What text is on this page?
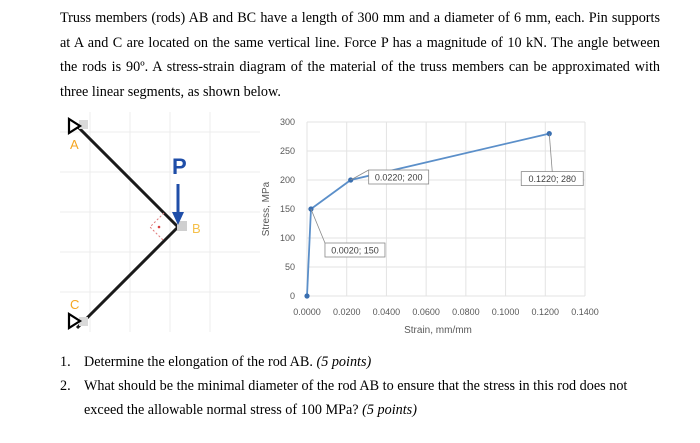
Truss members (rods) AB and BC have a length of 300 mm and a diameter of 6 mm, each. Pin supports at A and C are located on the same vertical line. Force P has a magnitude of 10 kN. The angle between the rods is 90º. A stress-strain diagram of the material of the truss members can be approximated with three linear segments, as shown below.

A
C
B
P
0
50
100
150
200
250
300
0.0000 0.0200 0.0400 0.0600 0.0800 0.1000 0.1200 0.1400
Stress, MPa
Strain, mm/mm
0.0020; 150
0.0220; 200	0.1220; 280
1. Determine the elongation of the rod AB. (5 points)
2. What should be the minimal diameter of the rod AB to ensure that the stress in this rod does not
exceed the allowable normal stress of 100 MPa? (5 points)
